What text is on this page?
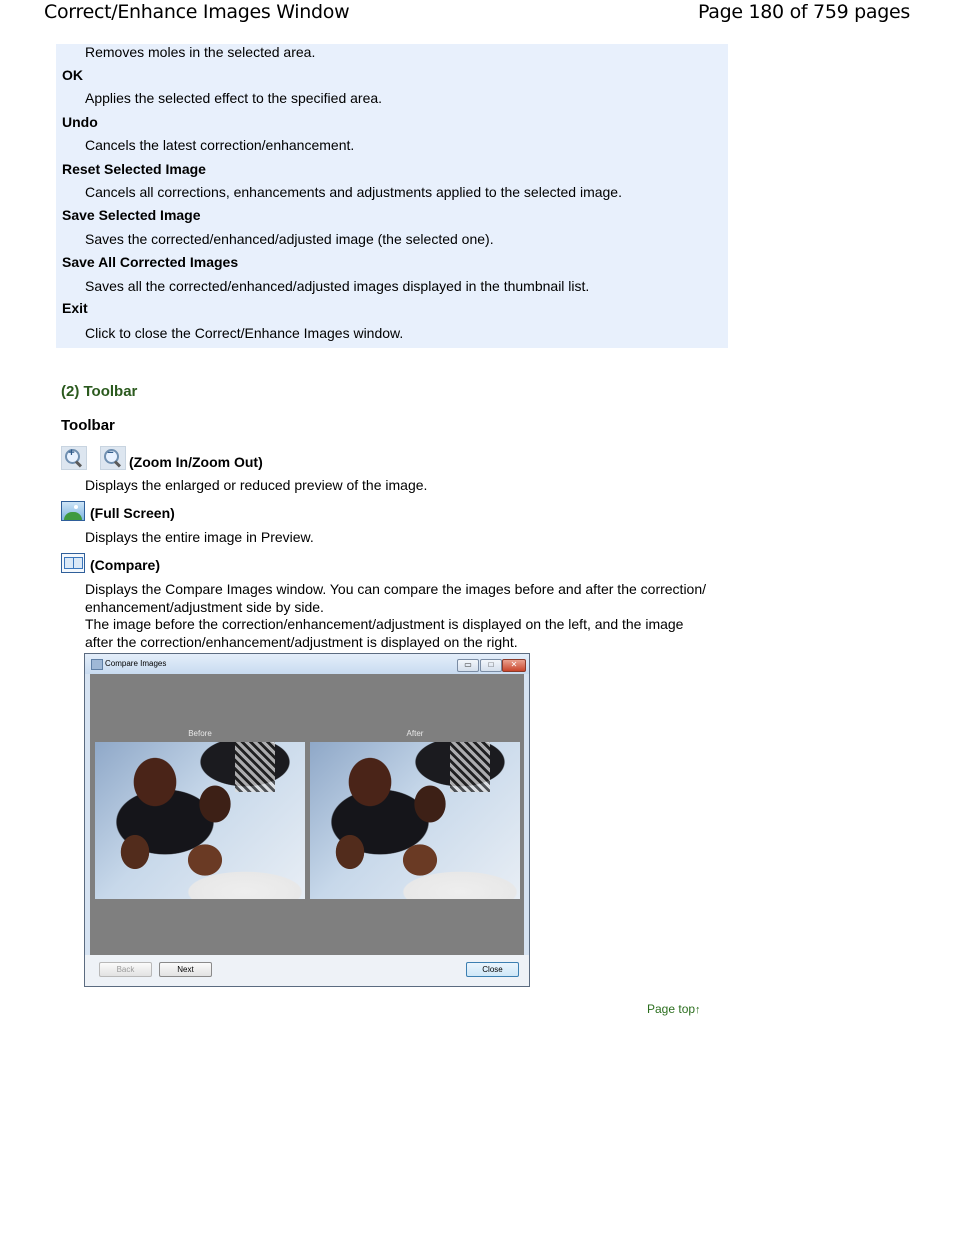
Correct/Enhance Images Window	Page 180 of 759 pages
Removes moles in the selected area.
OK
Applies the selected effect to the specified area.
Undo
Cancels the latest correction/enhancement.
Reset Selected Image
Cancels all corrections, enhancements and adjustments applied to the selected image.
Save Selected Image
Saves the corrected/enhanced/adjusted image (the selected one).
Save All Corrected Images
Saves all the corrected/enhanced/adjusted images displayed in the thumbnail list.
Exit
Click to close the Correct/Enhance Images window.
(2) Toolbar
Toolbar
+	−
(Zoom In/Zoom Out)
Displays the enlarged or reduced preview of the image.
(Full Screen)
Displays the entire image in Preview.
(Compare)
Displays the Compare Images window. You can compare the images before and after the correction/
enhancement/adjustment side by side.
The image before the correction/enhancement/adjustment is displayed on the left, and the image
after the correction/enhancement/adjustment is displayed on the right.
Compare Images	▭	□	✕
Before	After
Back	Next	Close
Page top↑
